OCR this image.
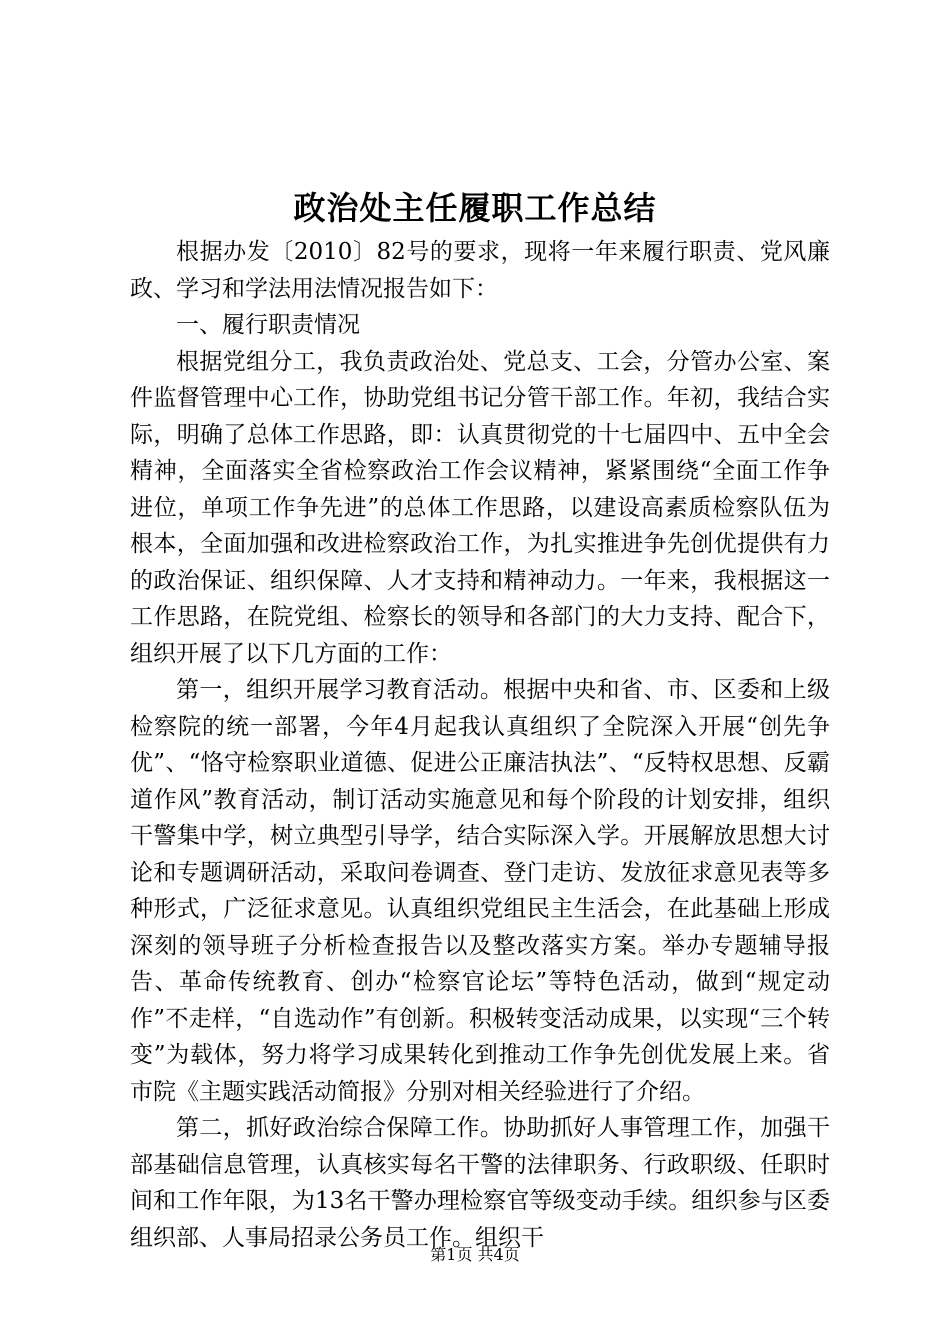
政治处主任履职工作总结

根据办发〔2010〕82号的要求，现将一年来履行职责、党风廉政、学习和学法用法情况报告如下：

一、履行职责情况

根据党组分工，我负责政治处、党总支、工会，分管办公室、案件监督管理中心工作，协助党组书记分管干部工作。年初，我结合实际，明确了总体工作思路，即：认真贯彻党的十七届四中、五中全会精神，全面落实全省检察政治工作会议精神，紧紧围绕“全面工作争进位，单项工作争先进”的总体工作思路，以建设高素质检察队伍为根本，全面加强和改进检察政治工作，为扎实推进争先创优提供有力的政治保证、组织保障、人才支持和精神动力。一年来，我根据这一工作思路，在院党组、检察长的领导和各部门的大力支持、配合下，组织开展了以下几方面的工作：

第一，组织开展学习教育活动。根据中央和省、市、区委和上级检察院的统一部署，今年4月起我认真组织了全院深入开展“创先争优”、“恪守检察职业道德、促进公正廉洁执法”、“反特权思想、反霸道作风”教育活动，制订活动实施意见和每个阶段的计划安排，组织干警集中学，树立典型引导学，结合实际深入学。开展解放思想大讨论和专题调研活动，采取问卷调查、登门走访、发放征求意见表等多种形式，广泛征求意见。认真组织党组民主生活会，在此基础上形成深刻的领导班子分析检查报告以及整改落实方案。举办专题辅导报告、革命传统教育、创办“检察官论坛”等特色活动，做到“规定动作”不走样，“自选动作”有创新。积极转变活动成果，以实现“三个转变”为载体，努力将学习成果转化到推动工作争先创优发展上来。省市院《主题实践活动简报》分别对相关经验进行了介绍。

第二，抓好政治综合保障工作。协助抓好人事管理工作，加强干部基础信息管理，认真核实每名干警的法律职务、行政职级、任职时间和工作年限，为13名干警办理检察官等级变动手续。组织参与区委组织部、人事局招录公务员工作。组织干

第1页 共4页
